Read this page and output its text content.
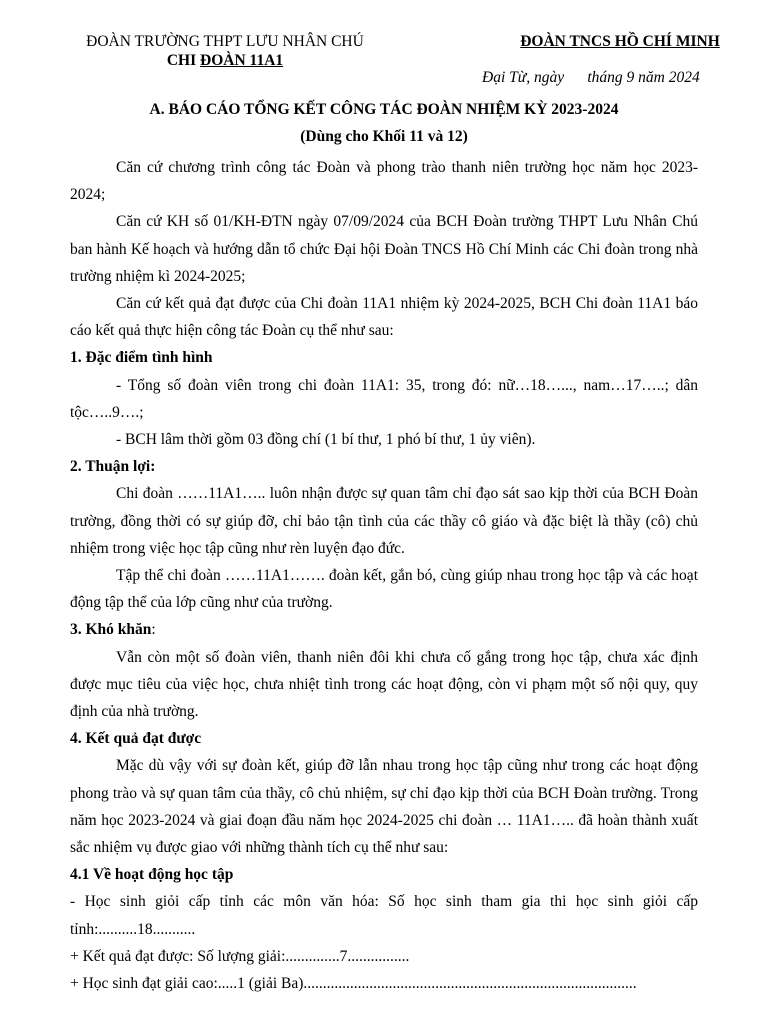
ĐOÀN TRƯỜNG THPT LƯU NHÂN CHÚ
CHI ĐOÀN 11A1
ĐOÀN TNCS HỒ CHÍ MINH
Đại Từ, ngày      tháng 9 năm 2024
A. BÁO CÁO TỔNG KẾT CÔNG TÁC ĐOÀN NHIỆM KỲ 2023-2024
(Dùng cho Khối 11 và 12)

Căn cứ chương trình công tác Đoàn và phong trào thanh niên trường học năm học 2023-2024;

Căn cứ KH số 01/KH-ĐTN ngày 07/09/2024 của BCH Đoàn trường THPT Lưu Nhân Chú ban hành Kế hoạch và hướng dẫn tổ chức Đại hội Đoàn TNCS Hồ Chí Minh các Chi đoàn trong nhà trường nhiệm kì 2024-2025;

Căn cứ kết quả đạt được của Chi đoàn 11A1 nhiệm kỳ 2024-2025, BCH Chi đoàn 11A1 báo cáo kết quả thực hiện công tác Đoàn cụ thể như sau:

1. Đặc điểm tình hình

- Tổng số đoàn viên trong chi đoàn 11A1: 35, trong đó: nữ…18…..., nam…17…..; dân tộc…..9….;

- BCH lâm thời gồm 03 đồng chí (1 bí thư, 1 phó bí thư, 1 ủy viên).

2. Thuận lợi:

Chi đoàn ……11A1….. luôn nhận được sự quan tâm chỉ đạo sát sao kịp thời của BCH Đoàn trường, đồng thời có sự giúp đỡ, chỉ bảo tận tình của các thầy cô giáo và đặc biệt là thầy (cô) chủ nhiệm trong việc học tập cũng như rèn luyện đạo đức.

Tập thể chi đoàn ……11A1……. đoàn kết, gắn bó, cùng giúp nhau trong học tập và các hoạt động tập thể của lớp cũng như của trường.

3. Khó khăn:

Vẫn còn một số đoàn viên, thanh niên đôi khi chưa cố gắng trong học tập, chưa xác định được mục tiêu của việc học, chưa nhiệt tình trong các hoạt động, còn vi phạm một số nội quy, quy định của nhà trường.

4. Kết quả đạt được

Mặc dù vậy với sự đoàn kết, giúp đỡ lẫn nhau trong học tập cũng như trong các hoạt động phong trào và sự quan tâm của thầy, cô chủ nhiệm, sự chỉ đạo kịp thời của BCH Đoàn trường. Trong năm học 2023-2024 và giai đoạn đầu năm học 2024-2025 chi đoàn … 11A1….. đã hoàn thành xuất sắc nhiệm vụ được giao với những thành tích cụ thể như sau:

4.1 Về hoạt động học tập

- Học sinh giỏi cấp tỉnh các môn văn hóa: Số học sinh tham gia thi học sinh giỏi cấp tỉnh:..........18...........

+ Kết quả đạt được: Số lượng giải:..............7................

+ Học sinh đạt giải cao:.....1 (giải Ba)......................................................................................
